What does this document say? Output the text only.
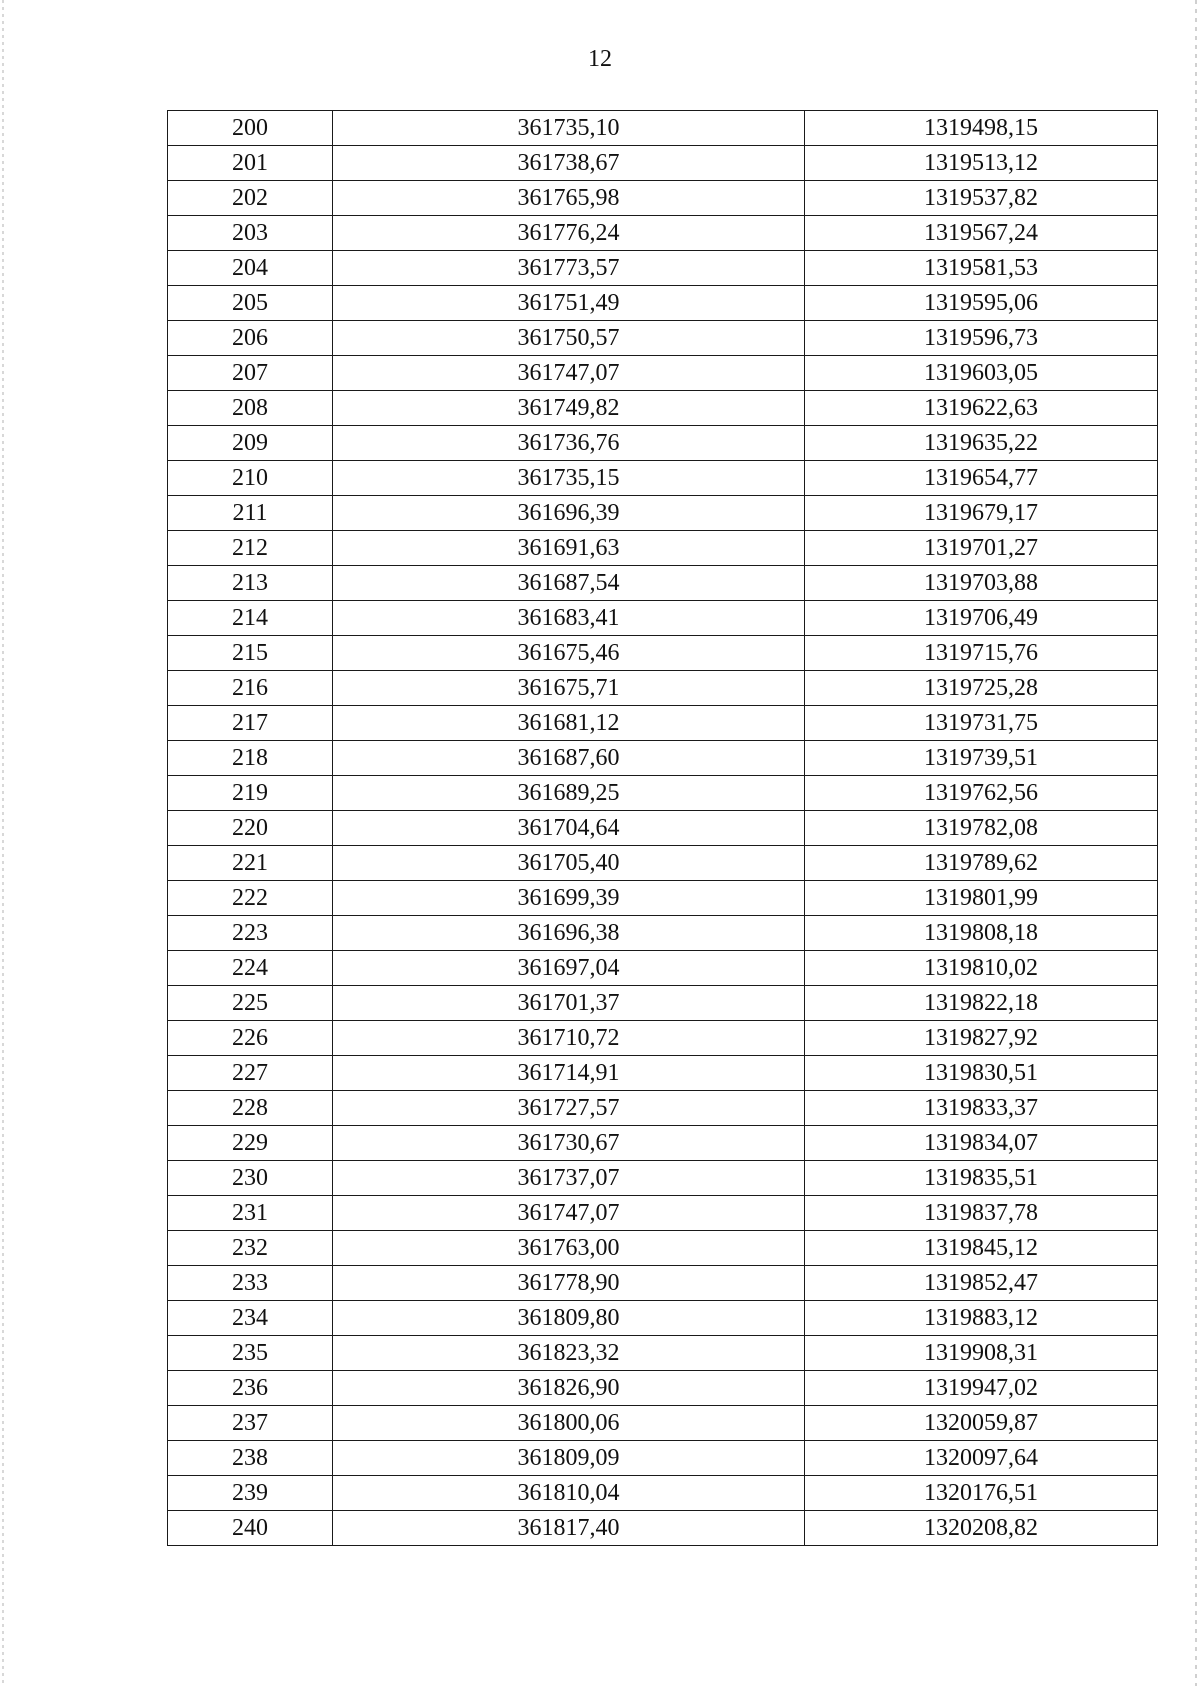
12
200	361735,10	1319498,15
201	361738,67	1319513,12
202	361765,98	1319537,82
203	361776,24	1319567,24
204	361773,57	1319581,53
205	361751,49	1319595,06
206	361750,57	1319596,73
207	361747,07	1319603,05
208	361749,82	1319622,63
209	361736,76	1319635,22
210	361735,15	1319654,77
211	361696,39	1319679,17
212	361691,63	1319701,27
213	361687,54	1319703,88
214	361683,41	1319706,49
215	361675,46	1319715,76
216	361675,71	1319725,28
217	361681,12	1319731,75
218	361687,60	1319739,51
219	361689,25	1319762,56
220	361704,64	1319782,08
221	361705,40	1319789,62
222	361699,39	1319801,99
223	361696,38	1319808,18
224	361697,04	1319810,02
225	361701,37	1319822,18
226	361710,72	1319827,92
227	361714,91	1319830,51
228	361727,57	1319833,37
229	361730,67	1319834,07
230	361737,07	1319835,51
231	361747,07	1319837,78
232	361763,00	1319845,12
233	361778,90	1319852,47
234	361809,80	1319883,12
235	361823,32	1319908,31
236	361826,90	1319947,02
237	361800,06	1320059,87
238	361809,09	1320097,64
239	361810,04	1320176,51
240	361817,40	1320208,82
